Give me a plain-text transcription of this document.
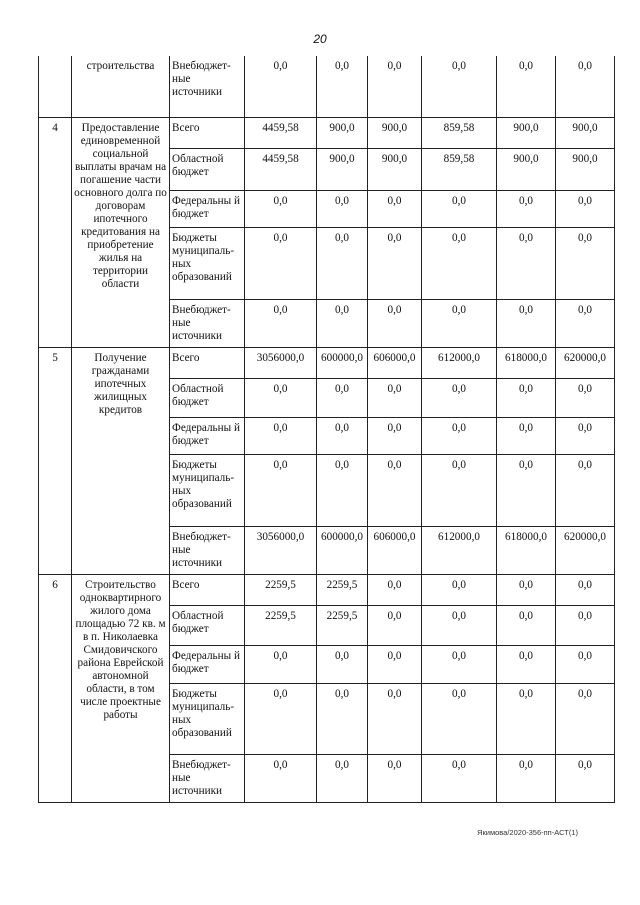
20
	строительства	Внебюджет-ные источники	0,0	0,0	0,0	0,0	0,0	0,0
4	Предоставление единовременной социальной выплаты врачам на погашение части основного долга по договорам ипотечного кредитования на приобретение жилья на территории области	Всего	4459,58	900,0	900,0	859,58	900,0	900,0
		Областной бюджет	4459,58	900,0	900,0	859,58	900,0	900,0
		Федеральны й бюджет	0,0	0,0	0,0	0,0	0,0	0,0
		Бюджеты муниципаль-ных образований	0,0	0,0	0,0	0,0	0,0	0,0
		Внебюджет-ные источники	0,0	0,0	0,0	0,0	0,0	0,0
5	Получение гражданами ипотечных жилищных кредитов	Всего	3056000,0	600000,0	606000,0	612000,0	618000,0	620000,0
		Областной бюджет	0,0	0,0	0,0	0,0	0,0	0,0
		Федеральны й бюджет	0,0	0,0	0,0	0,0	0,0	0,0
		Бюджеты муниципаль-ных образований	0,0	0,0	0,0	0,0	0,0	0,0
		Внебюджет-ные источники	3056000,0	600000,0	606000,0	612000,0	618000,0	620000,0
6	Строительство одноквартирного жилого дома площадью 72 кв. м в п. Николаевка Смидовичского района Еврейской автономной области, в том числе проектные работы	Всего	2259,5	2259,5	0,0	0,0	0,0	0,0
		Областной бюджет	2259,5	2259,5	0,0	0,0	0,0	0,0
		Федеральны й бюджет	0,0	0,0	0,0	0,0	0,0	0,0
		Бюджеты муниципаль-ных образований	0,0	0,0	0,0	0,0	0,0	0,0
		Внебюджет-ные источники	0,0	0,0	0,0	0,0	0,0	0,0
Якимова/2020-356-пп-АСТ(1)
